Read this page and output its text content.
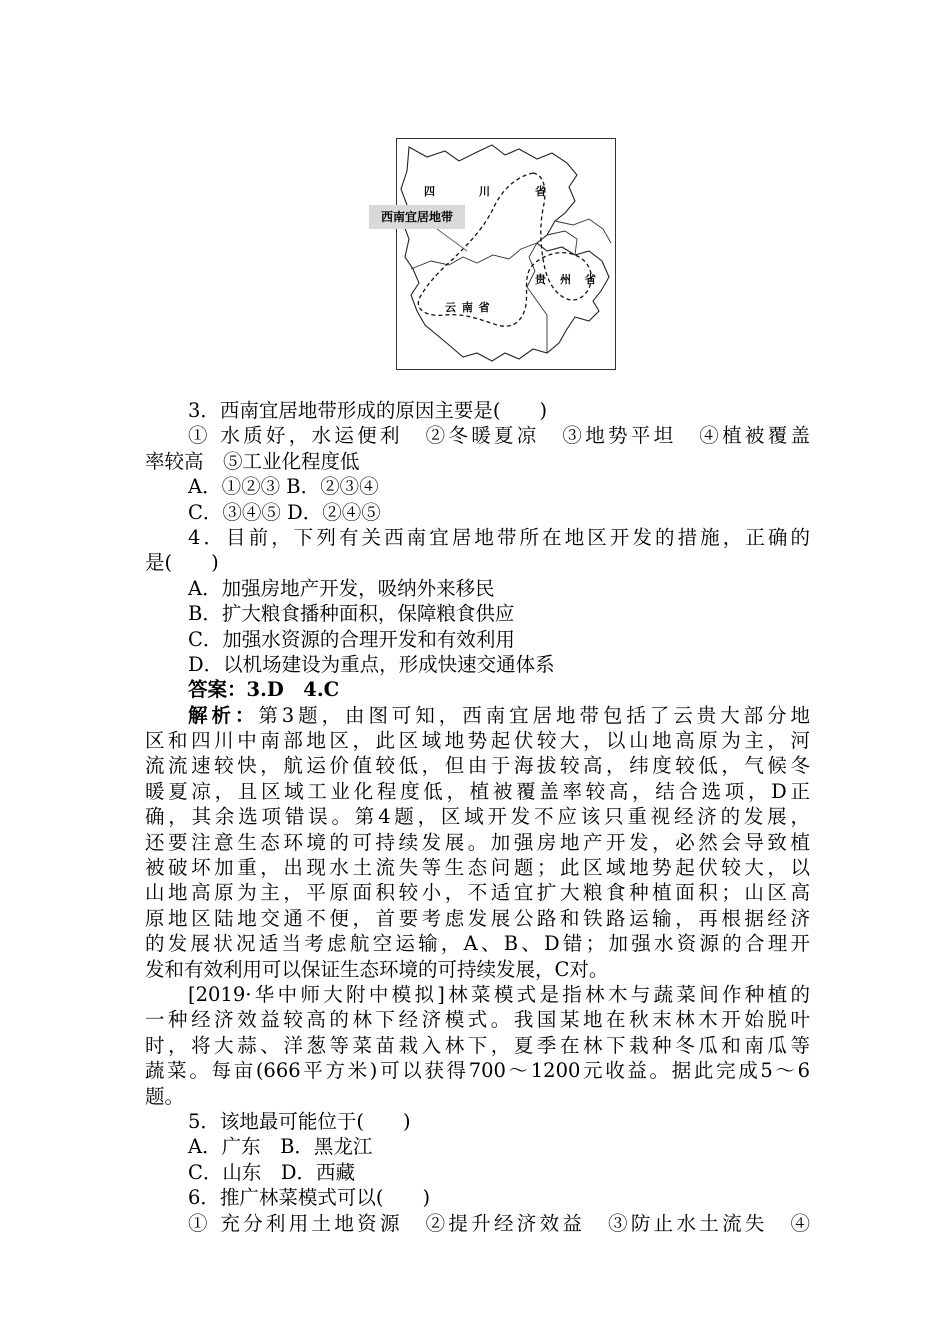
四	川	省
贵 州 省
云 南 省
西南宜居地带
3．西南宜居地带形成的原因主要是(　　)
① 水质好，水运便利　②冬暖夏凉　③地势平坦　④植被覆盖
率较高　⑤工业化程度低
A．①②③ B．②③④
C．③④⑤ D．②④⑤
4．目前，下列有关西南宜居地带所在地区开发的措施，正确的
是(　　)
A．加强房地产开发，吸纳外来移民
B．扩大粮食播种面积，保障粮食供应
C．加强水资源的合理开发和有效利用
D．以机场建设为重点，形成快速交通体系
答案：3.D　4.C
解析：第3题，由图可知，西南宜居地带包括了云贵大部分地
区和四川中南部地区，此区域地势起伏较大，以山地高原为主，河
流流速较快，航运价值较低，但由于海拔较高，纬度较低，气候冬
暖夏凉，且区域工业化程度低，植被覆盖率较高，结合选项，D正
确，其余选项错误。第4题，区域开发不应该只重视经济的发展，
还要注意生态环境的可持续发展。加强房地产开发，必然会导致植
被破坏加重，出现水土流失等生态问题；此区域地势起伏较大，以
山地高原为主，平原面积较小，不适宜扩大粮食种植面积；山区高
原地区陆地交通不便，首要考虑发展公路和铁路运输，再根据经济
的发展状况适当考虑航空运输，A、B、D错；加强水资源的合理开
发和有效利用可以保证生态环境的可持续发展，C对。
[2019·华中师大附中模拟]林菜模式是指林木与蔬菜间作种植的
一种经济效益较高的林下经济模式。我国某地在秋末林木开始脱叶
时，将大蒜、洋葱等菜苗栽入林下，夏季在林下栽种冬瓜和南瓜等
蔬菜。每亩(666平方米)可以获得700～1200元收益。据此完成5～6
题。
5．该地最可能位于(　　)
A．广东　B．黑龙江
C．山东　D．西藏
6．推广林菜模式可以(　　)
① 充分利用土地资源　②提升经济效益　③防止水土流失　④
